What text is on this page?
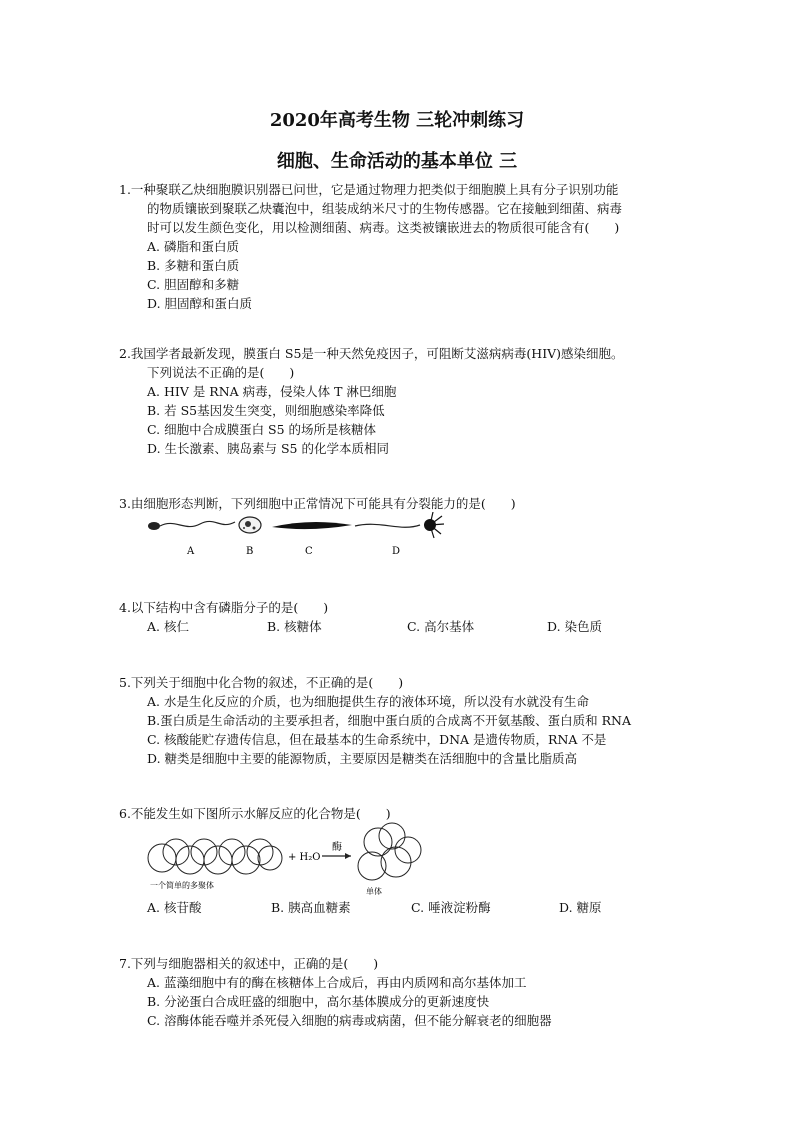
2020年高考生物 三轮冲刺练习
细胞、生命活动的基本单位 三
1.一种聚联乙炔细胞膜识别器已问世，它是通过物理力把类似于细胞膜上具有分子识别功能
的物质镶嵌到聚联乙炔囊泡中，组装成纳米尺寸的生物传感器。它在接触到细菌、病毒
时可以发生颜色变化，用以检测细菌、病毒。这类被镶嵌进去的物质很可能含有(　　)
A. 磷脂和蛋白质
B. 多糖和蛋白质
C. 胆固醇和多糖
D. 胆固醇和蛋白质
2.我国学者最新发现，膜蛋白 S5是一种天然免疫因子，可阻断艾滋病病毒(HIV)感染细胞。
下列说法不正确的是(　　)
A. HIV 是 RNA 病毒，侵染人体 T 淋巴细胞
B. 若 S5基因发生突变，则细胞感染率降低
C. 细胞中合成膜蛋白 S5 的场所是核糖体
D. 生长激素、胰岛素与 S5 的化学本质相同
3.由细胞形态判断，下列细胞中正常情况下可能具有分裂能力的是(　　)
A	B	C	D
4.以下结构中含有磷脂分子的是(　　)
A. 核仁	B. 核糖体	C. 高尔基体	D. 染色质
5.下列关于细胞中化合物的叙述，不正确的是(　　)
A. 水是生化反应的介质，也为细胞提供生存的液体环境，所以没有水就没有生命
B.蛋白质是生命活动的主要承担者，细胞中蛋白质的合成离不开氨基酸、蛋白质和 RNA
C. 核酸能贮存遗传信息，但在最基本的生命系统中，DNA 是遗传物质，RNA 不是
D. 糖类是细胞中主要的能源物质，主要原因是糖类在活细胞中的含量比脂质高
6.不能发生如下图所示水解反应的化合物是(　　)
+ H₂O
酶
一个简单的多聚体
单体
A. 核苷酸	B. 胰高血糖素	C. 唾液淀粉酶	D. 糖原
7.下列与细胞器相关的叙述中，正确的是(　　)
A. 蓝藻细胞中有的酶在核糖体上合成后，再由内质网和高尔基体加工
B. 分泌蛋白合成旺盛的细胞中，高尔基体膜成分的更新速度快
C. 溶酶体能吞噬并杀死侵入细胞的病毒或病菌，但不能分解衰老的细胞器
